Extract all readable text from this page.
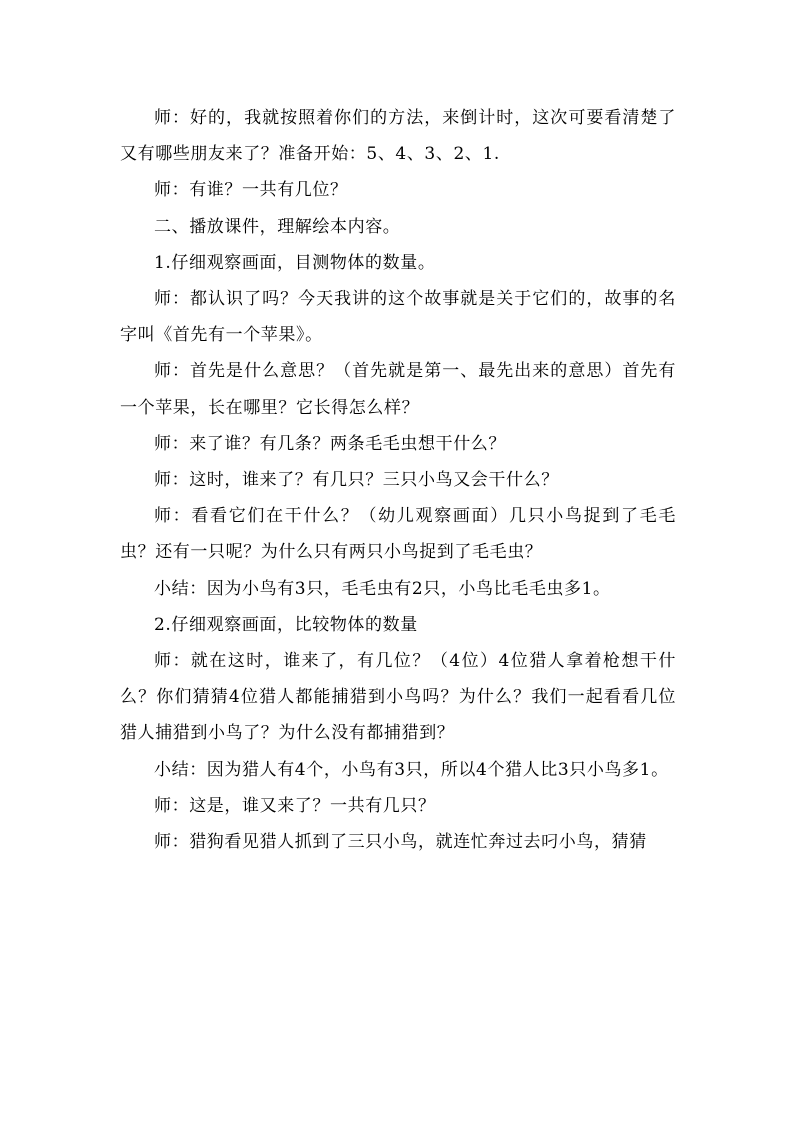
师：好的，我就按照着你们的方法，来倒计时，这次可要看清楚了又有哪些朋友来了？准备开始：5、4、3、2、1.

师：有谁？一共有几位？

二、播放课件，理解绘本内容。

1.仔细观察画面，目测物体的数量。

师：都认识了吗？今天我讲的这个故事就是关于它们的，故事的名字叫《首先有一个苹果》。

师：首先是什么意思？（首先就是第一、最先出来的意思）首先有一个苹果，长在哪里？它长得怎么样？

师：来了谁？有几条？两条毛毛虫想干什么？

师：这时，谁来了？有几只？三只小鸟又会干什么？

师：看看它们在干什么？（幼儿观察画面）几只小鸟捉到了毛毛虫？还有一只呢？为什么只有两只小鸟捉到了毛毛虫？

小结：因为小鸟有3只，毛毛虫有2只，小鸟比毛毛虫多1。

2.仔细观察画面，比较物体的数量

师：就在这时，谁来了，有几位？（4位）4位猎人拿着枪想干什么？你们猜猜4位猎人都能捕猎到小鸟吗？为什么？我们一起看看几位猎人捕猎到小鸟了？为什么没有都捕猎到？

小结：因为猎人有4个，小鸟有3只，所以4个猎人比3只小鸟多1。

师：这是，谁又来了？一共有几只？

师：猎狗看见猎人抓到了三只小鸟，就连忙奔过去叼小鸟，猜猜
